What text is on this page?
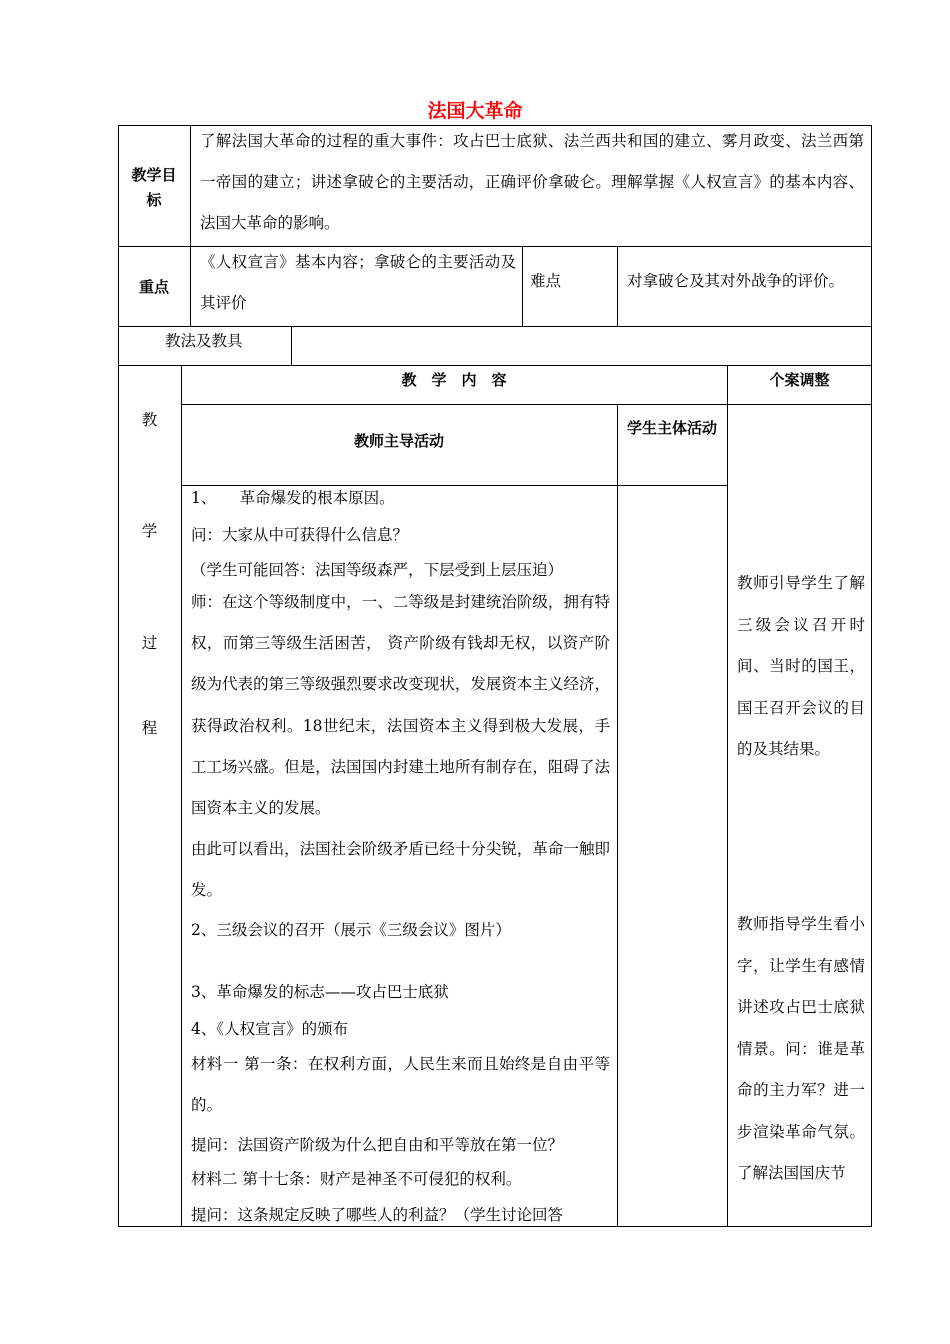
法国大革命
教学目标
了解法国大革命的过程的重大事件：攻占巴士底狱、法兰西共和国的建立、雾月政变、法兰西第一帝国的建立；讲述拿破仑的主要活动，正确评价拿破仑。理解掌握《人权宣言》的基本内容、法国大革命的影响。
重点
《人权宣言》基本内容；拿破仑的主要活动及其评价
难点	对拿破仑及其对外战争的评价。
教法及教具
教
学
过
程
教　学　内　容	个案调整
教师主导活动
学生主体活动
1、　　革命爆发的根本原因。
问：大家从中可获得什么信息？
（学生可能回答：法国等级森严，下层受到上层压迫）
师：在这个等级制度中，一、二等级是封建统治阶级，拥有特权，而第三等级生活困苦， 资产阶级有钱却无权，以资产阶级为代表的第三等级强烈要求改变现状，发展资本主义经济，获得政治权利。18世纪末，法国资本主义得到极大发展，手工工场兴盛。但是，法国国内封建土地所有制存在，阻碍了法国资本主义的发展。
由此可以看出，法国社会阶级矛盾已经十分尖锐，革命一触即发。
2、三级会议的召开（展示《三级会议》图片）
3、革命爆发的标志——攻占巴士底狱
4、《人权宣言》的颁布
材料一 第一条：在权利方面，人民生来而且始终是自由平等的。
提问：法国资产阶级为什么把自由和平等放在第一位？
材料二 第十七条：财产是神圣不可侵犯的权利。
提问：这条规定反映了哪些人的利益？（学生讨论回答
教师引导学生了解三级会议召开时间、当时的国王，国王召开会议的目的及其结果。
教师指导学生看小字，让学生有感情讲述攻占巴士底狱情景。问：谁是革命的主力军？进一步渲染革命气氛。了解法国国庆节
